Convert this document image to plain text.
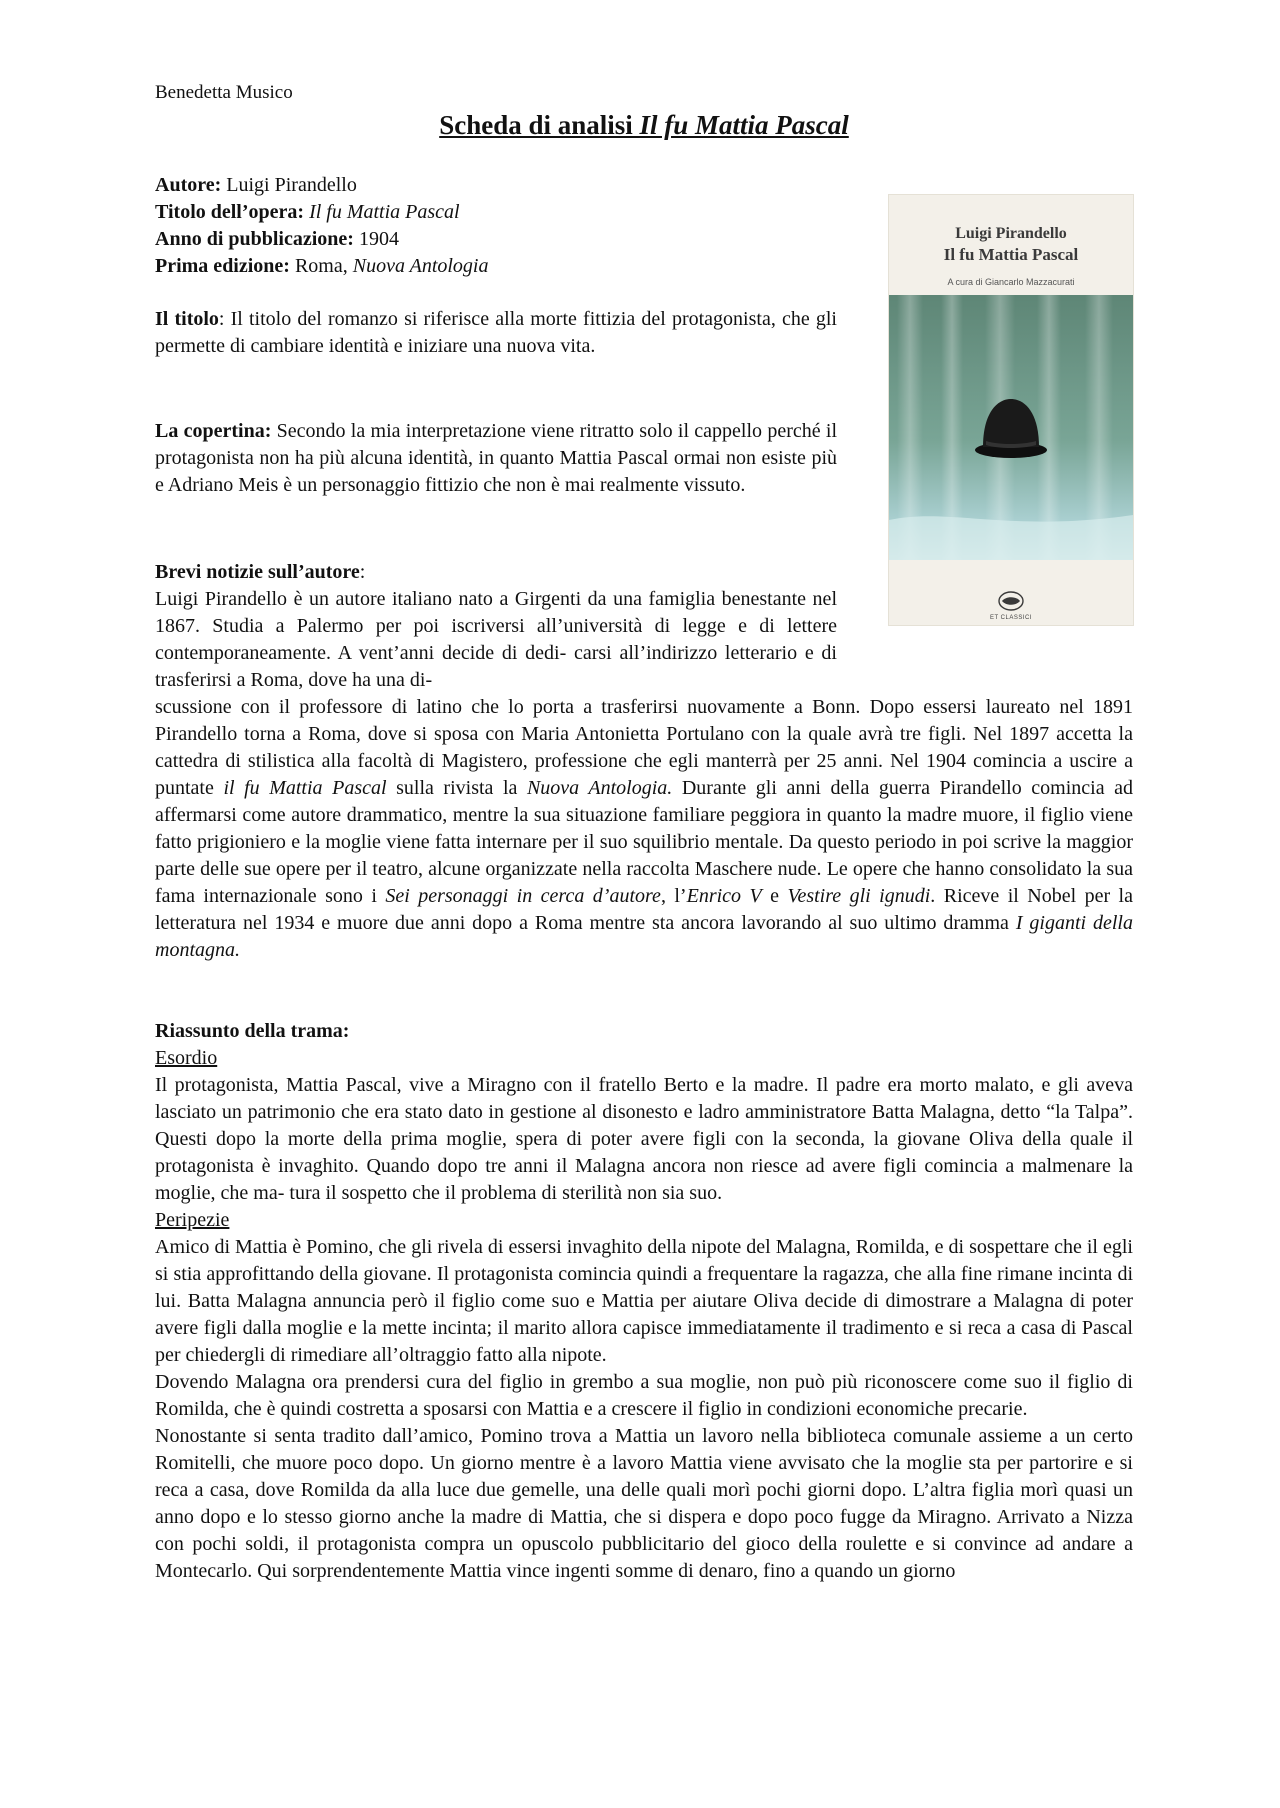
Benedetta Musico
Scheda di analisi Il fu Mattia Pascal
Autore: Luigi Pirandello
Titolo dell’opera: Il fu Mattia Pascal
Anno di pubblicazione: 1904
Prima edizione: Roma, Nuova Antologia
Luigi Pirandello
Il fu Mattia Pascal
A cura di Giancarlo Mazzacurati
ET CLASSICI

Il titolo: Il titolo del romanzo si riferisce alla morte fittizia del protagonista, che gli permette di cambiare identità e iniziare una nuova vita.

La copertina: Secondo la mia interpretazione viene ritratto solo il cappello perché il protagonista non ha più alcuna identità, in quanto Mattia Pascal ormai non esiste più e Adriano Meis è un personaggio fittizio che non è mai realmente vissuto.

Brevi notizie sull’autore:

Luigi Pirandello è un autore italiano nato a Girgenti da una famiglia benestante nel 1867. Studia a Palermo per poi iscriversi all’università di legge e di lettere contemporaneamente. A vent’anni decide di dedi- carsi all’indirizzo letterario e di trasferirsi a Roma, dove ha una di-

scussione con il professore di latino che lo porta a trasferirsi nuovamente a Bonn. Dopo essersi laureato nel 1891 Pirandello torna a Roma, dove si sposa con Maria Antonietta Portulano con la quale avrà tre figli. Nel 1897 accetta la cattedra di stilistica alla facoltà di Magistero, professione che egli manterrà per 25 anni. Nel 1904 comincia a uscire a puntate il fu Mattia Pascal sulla rivista la Nuova Antologia. Durante gli anni della guerra Pirandello comincia ad affermarsi come autore drammatico, mentre la sua situazione familiare peggiora in quanto la madre muore, il figlio viene fatto prigioniero e la moglie viene fatta internare per il suo squilibrio mentale. Da questo periodo in poi scrive la maggior parte delle sue opere per il teatro, alcune organizzate nella raccolta Maschere nude. Le opere che hanno consolidato la sua fama internazionale sono i Sei personaggi in cerca d’autore, l’Enrico V e Vestire gli ignudi. Riceve il Nobel per la letteratura nel 1934 e muore due anni dopo a Roma mentre sta ancora lavorando al suo ultimo dramma I giganti della montagna.

Riassunto della trama:
Esordio

Il protagonista, Mattia Pascal, vive a Miragno con il fratello Berto e la madre. Il padre era morto malato, e gli aveva lasciato un patrimonio che era stato dato in gestione al disonesto e ladro amministratore Batta Malagna, detto “la Talpa”. Questi dopo la morte della prima moglie, spera di poter avere figli con la seconda, la giovane Oliva della quale il protagonista è invaghito. Quando dopo tre anni il Malagna ancora non riesce ad avere figli comincia a malmenare la moglie, che ma- tura il sospetto che il problema di sterilità non sia suo.

Peripezie

Amico di Mattia è Pomino, che gli rivela di essersi invaghito della nipote del Malagna, Romilda, e di sospettare che il egli si stia approfittando della giovane. Il protagonista comincia quindi a frequentare la ragazza, che alla fine rimane incinta di lui. Batta Malagna annuncia però il figlio come suo e Mattia per aiutare Oliva decide di dimostrare a Malagna di poter avere figli dalla moglie e la mette incinta; il marito allora capisce immediatamente il tradimento e si reca a casa di Pascal per chiedergli di rimediare all’oltraggio fatto alla nipote.

Dovendo Malagna ora prendersi cura del figlio in grembo a sua moglie, non può più riconoscere come suo il figlio di Romilda, che è quindi costretta a sposarsi con Mattia e a crescere il figlio in condizioni economiche precarie.

Nonostante si senta tradito dall’amico, Pomino trova a Mattia un lavoro nella biblioteca comunale assieme a un certo Romitelli, che muore poco dopo. Un giorno mentre è a lavoro Mattia viene avvisato che la moglie sta per partorire e si reca a casa, dove Romilda da alla luce due gemelle, una delle quali morì pochi giorni dopo. L’altra figlia morì quasi un anno dopo e lo stesso giorno anche la madre di Mattia, che si dispera e dopo poco fugge da Miragno. Arrivato a Nizza con pochi soldi, il protagonista compra un opuscolo pubblicitario del gioco della roulette e si convince ad andare a Montecarlo. Qui sorprendentemente Mattia vince ingenti somme di denaro, fino a quando un giorno
